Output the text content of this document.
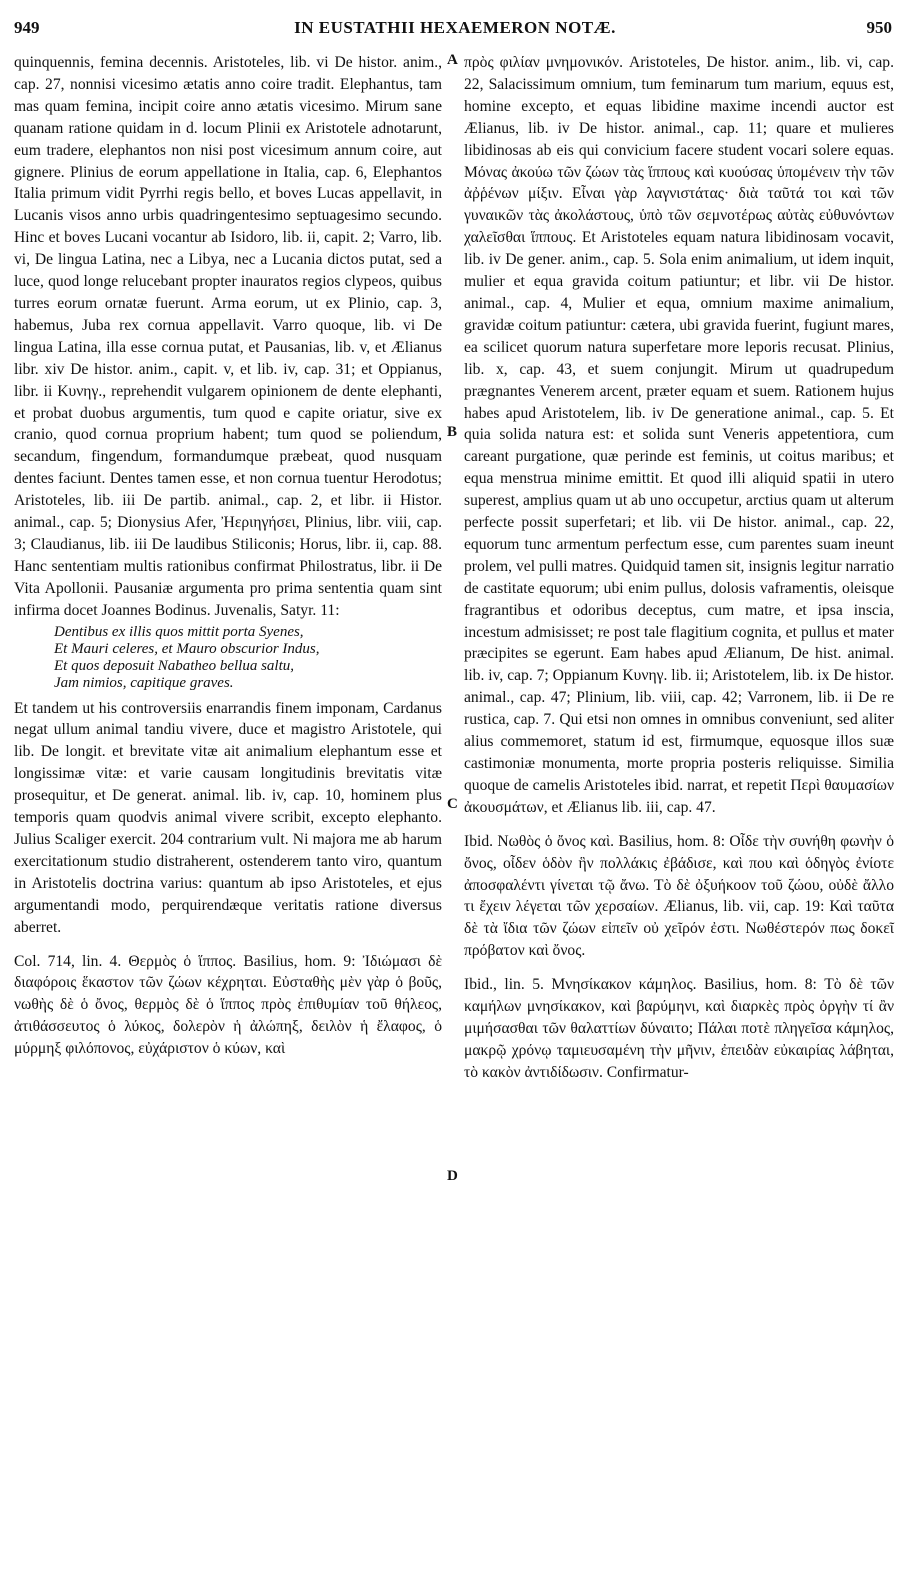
949	IN EUSTATHII HEXAEMERON NOTÆ.	950
A
B
C
D

quinquennis, femina decennis. Aristoteles, lib. vi De histor. anim., cap. 27, nonnisi vicesimo ætatis anno coire tradit. Elephantus, tam mas quam femina, incipit coire anno ætatis vicesimo. Mirum sane quanam ratione quidam in d. locum Plinii ex Aristotele adnotarunt, eum tradere, elephantos non nisi post vicesimum annum coire, aut gignere. Plinius de eorum appellatione in Italia, cap. 6, Elephantos Italia primum vidit Pyrrhi regis bello, et boves Lucas appellavit, in Lucanis visos anno urbis quadringentesimo septuagesimo secundo. Hinc et boves Lucani vocantur ab Isidoro, lib. ii, capit. 2; Varro, lib. vi, De lingua Latina, nec a Libya, nec a Lucania dictos putat, sed a luce, quod longe relucebant propter inauratos regios clypeos, quibus turres eorum ornatæ fuerunt. Arma eorum, ut ex Plinio, cap. 3, habemus, Juba rex cornua appellavit. Varro quoque, lib. vi De lingua Latina, illa esse cornua putat, et Pausanias, lib. v, et Ælianus libr. xiv De histor. anim., capit. v, et lib. iv, cap. 31; et Oppianus, libr. ii Κυνηγ., reprehendit vulgarem opinionem de dente elephanti, et probat duobus argumentis, tum quod e capite oriatur, sive ex cranio, quod cornua proprium habent; tum quod se poliendum, secandum, fingendum, formandumque præbeat, quod nusquam dentes faciunt. Dentes tamen esse, et non cornua tuentur Herodotus; Aristoteles, lib. iii De partib. animal., cap. 2, et libr. ii Histor. animal., cap. 5; Dionysius Afer, Ἠεριηγήσει, Plinius, libr. viii, cap. 3; Claudianus, lib. iii De laudibus Stiliconis; Horus, libr. ii, cap. 88. Hanc sententiam multis rationibus confirmat Philostratus, libr. ii De Vita Apollonii. Pausaniæ argumenta pro prima sententia quam sint infirma docet Joannes Bodinus. Juvenalis, Satyr. 11:

Dentibus ex illis quos mittit porta Syenes,
Et Mauri celeres, et Mauro obscurior Indus,
Et quos deposuit Nabatheo bellua saltu,
Jam nimios, capitique graves.

Et tandem ut his controversiis enarrandis finem imponam, Cardanus negat ullum animal tandiu vivere, duce et magistro Aristotele, qui lib. De longit. et brevitate vitæ ait animalium elephantum esse et longissimæ vitæ: et varie causam longitudinis brevitatis vitæ prosequitur, et De generat. animal. lib. iv, cap. 10, hominem plus temporis quam quodvis animal vivere scribit, excepto elephanto. Julius Scaliger exercit. 204 contrarium vult. Ni majora me ab harum exercitationum studio distraherent, ostenderem tanto viro, quantum in Aristotelis doctrina varius: quantum ab ipso Aristoteles, et ejus argumentandi modo, perquirendæque veritatis ratione diversus aberret.

Col. 714, lin. 4. Θερμὸς ὁ ἵππος. Basilius, hom. 9: Ἰδιώμασι δὲ διαφόροις ἕκαστον τῶν ζώων κέχρηται. Εὐσταθὴς μὲν γὰρ ὁ βοῦς, νωθὴς δὲ ὁ ὄνος, θερμὸς δὲ ὁ ἵππος πρὸς ἐπιθυμίαν τοῦ θήλεος, ἀτιθάσσευτος ὁ λύκος, δολερὸν ἡ ἀλώπηξ, δειλὸν ἡ ἔλαφος, ὁ μύρμηξ φιλόπονος, εὐχάριστον ὁ κύων, καὶ

πρὸς φιλίαν μνημονικόν. Aristoteles, De histor. anim., lib. vi, cap. 22, Salacissimum omnium, tum feminarum tum marium, equus est, homine excepto, et equas libidine maxime incendi auctor est Ælianus, lib. iv De histor. animal., cap. 11; quare et mulieres libidinosas ab eis qui convicium facere student vocari solere equas. Μόνας ἀκούω τῶν ζώων τὰς ἵππους καὶ κυούσας ὑπομένειν τὴν τῶν ἀῤῥένων μίξιν. Εἶναι γὰρ λαγνιστάτας· διὰ ταῦτά τοι καὶ τῶν γυναικῶν τὰς ἀκολάστους, ὑπὸ τῶν σεμνοτέρως αὐτὰς εὐθυνόντων χαλεῖσθαι ἵππους. Et Aristoteles equam natura libidinosam vocavit, lib. iv De gener. anim., cap. 5. Sola enim animalium, ut idem inquit, mulier et equa gravida coitum patiuntur; et libr. vii De histor. animal., cap. 4, Mulier et equa, omnium maxime animalium, gravidæ coitum patiuntur: cætera, ubi gravida fuerint, fugiunt mares, ea scilicet quorum natura superfetare more leporis recusat. Plinius, lib. x, cap. 43, et suem conjungit. Mirum ut quadrupedum prægnantes Venerem arcent, præter equam et suem. Rationem hujus habes apud Aristotelem, lib. iv De generatione animal., cap. 5. Et quia solida natura est: et solida sunt Veneris appetentiora, cum careant purgatione, quæ perinde est feminis, ut coitus maribus; et equa menstrua minime emittit. Et quod illi aliquid spatii in utero superest, amplius quam ut ab uno occupetur, arctius quam ut alterum perfecte possit superfetari; et lib. vii De histor. animal., cap. 22, equorum tunc armentum perfectum esse, cum parentes suam ineunt prolem, vel pulli matres. Quidquid tamen sit, insignis legitur narratio de castitate equorum; ubi enim pullus, dolosis vaframentis, oleisque fragrantibus et odoribus deceptus, cum matre, et ipsa inscia, incestum admisisset; re post tale flagitium cognita, et pullus et mater præcipites se egerunt. Eam habes apud Ælianum, De hist. animal. lib. iv, cap. 7; Oppianum Κυνηγ. lib. ii; Aristotelem, lib. ix De histor. animal., cap. 47; Plinium, lib. viii, cap. 42; Varronem, lib. ii De re rustica, cap. 7. Qui etsi non omnes in omnibus conveniunt, sed aliter alius commemoret, statum id est, firmumque, equosque illos suæ castimoniæ monumenta, morte propria posteris reliquisse. Similia quoque de camelis Aristoteles ibid. narrat, et repetit Περὶ θαυμασίων ἀκουσμάτων, et Ælianus lib. iii, cap. 47.

Ibid. Νωθὸς ὁ ὄνος καὶ. Basilius, hom. 8: Οἶδε τὴν συνήθη φωνὴν ὁ ὄνος, οἶδεν ὁδὸν ἣν πολλάκις ἐβάδισε, καὶ που καὶ ὁδηγὸς ἐνίοτε ἀποσφαλέντι γίνεται τῷ ἄνω. Τὸ δὲ ὀξυήκοον τοῦ ζώου, οὐδὲ ἄλλο τι ἔχειν λέγεται τῶν χερσαίων. Ælianus, lib. vii, cap. 19: Καὶ ταῦτα δὲ τὰ ἴδια τῶν ζώων εἰπεῖν οὐ χεῖρόν ἐστι. Νωθέστερόν πως δοκεῖ πρόβατον καὶ ὄνος.

Ibid., lin. 5. Μνησίκακον κάμηλος. Basilius, hom. 8: Τὸ δὲ τῶν καμήλων μνησίκακον, καὶ βαρύμηνι, καὶ διαρκὲς πρὸς ὀργὴν τί ἂν μιμήσασθαι τῶν θαλαττίων δύναιτο; Πάλαι ποτὲ πληγεῖσα κάμηλος, μακρῷ χρόνῳ ταμιευσαμένη τὴν μῆνιν, ἐπειδὰν εὐκαιρίας λάβηται, τὸ κακὸν ἀντιδίδωσιν. Confirmatur-
